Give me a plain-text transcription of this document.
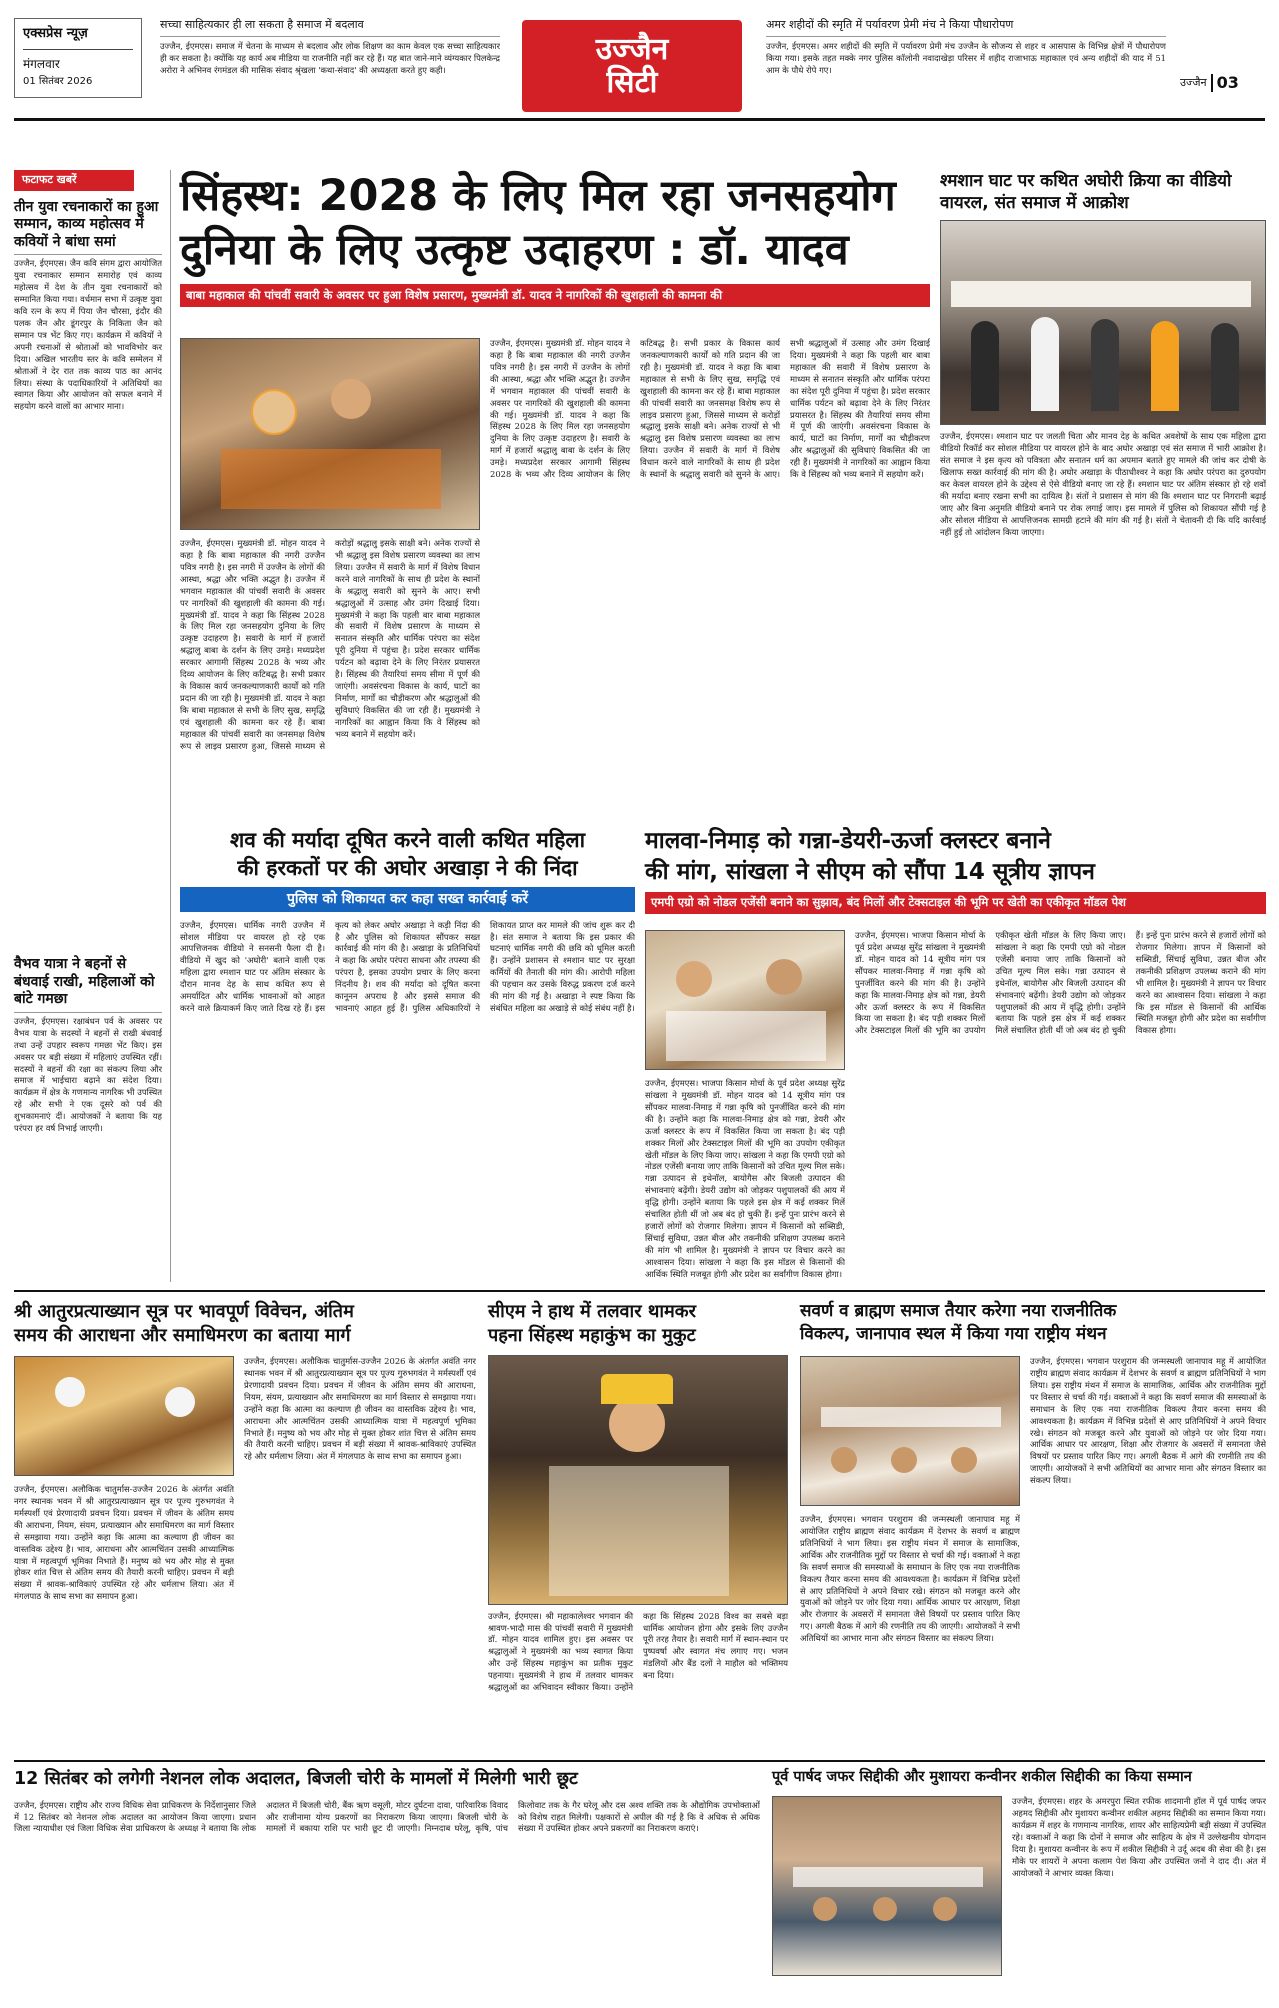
एक्सप्रेस न्यूज़
मंगलवार
01 सितंबर 2026
सच्चा साहित्यकार ही ला सकता है समाज में बदलाव
उज्जैन, ईएमएस। समाज में चेतना के माध्यम से बदलाव और लोक शिक्षण का काम केवल एक सच्चा साहित्यकार ही कर सकता है। क्योंकि यह कार्य अब मीडिया या राजनीति नहीं कर रहे हैं। यह बात जाने-माने व्यंग्यकार पिलकेन्द्र अरोरा ने अभिनव रंगमंडल की मासिक संवाद श्रृंखला 'कथा-संवाद' की अध्यक्षता करते हुए कही।
उज्जैन
सिटी
अमर शहीदों की स्मृति में पर्यावरण प्रेमी मंच ने किया पौधारोपण
उज्जैन, ईएमएस। अमर शहीदों की स्मृति में पर्यावरण प्रेमी मंच उज्जैन के सौजन्य से शहर व आसपास के विभिन्न क्षेत्रों में पौधारोपण किया गया। इसके तहत मक्के नगर पुलिस कॉलोनी नवादाखेड़ा परिसर में शहीद राजाभाऊ महाकाल एवं अन्य शहीदों की याद में 51 आम के पौधे रोपे गए।
उज्जैन 03
फटाफट खबरें
तीन युवा रचनाकारों का हुआ सम्मान, काव्य महोत्सव में कवियों ने बांधा समां
उज्जैन, ईएमएस। जैन कवि संगम द्वारा आयोजित युवा रचनाकार सम्मान समारोह एवं काव्य महोत्सव में देश के तीन युवा रचनाकारों को सम्मानित किया गया। वर्धमान सभा में उत्कृष्ट युवा कवि रत्न के रूप में पिया जैन चौरसा, इंदौर की पलक जैन और डूंगरपुर के निकिता जैन को सम्मान पत्र भेंट किए गए। कार्यक्रम में कवियों ने अपनी रचनाओं से श्रोताओं को भावविभोर कर दिया। अखिल भारतीय स्तर के कवि सम्मेलन में श्रोताओं ने देर रात तक काव्य पाठ का आनंद लिया। संस्था के पदाधिकारियों ने अतिथियों का स्वागत किया और आयोजन को सफल बनाने में सहयोग करने वालों का आभार माना।
वैभव यात्रा ने बहनों से बंधवाई राखी, महिलाओं को बांटे गमछा
उज्जैन, ईएमएस। रक्षाबंधन पर्व के अवसर पर वैभव यात्रा के सदस्यों ने बहनों से राखी बंधवाई तथा उन्हें उपहार स्वरूप गमछा भेंट किए। इस अवसर पर बड़ी संख्या में महिलाएं उपस्थित रहीं। सदस्यों ने बहनों की रक्षा का संकल्प लिया और समाज में भाईचारा बढ़ाने का संदेश दिया। कार्यक्रम में क्षेत्र के गणमान्य नागरिक भी उपस्थित रहे और सभी ने एक दूसरे को पर्व की शुभकामनाएं दीं। आयोजकों ने बताया कि यह परंपरा हर वर्ष निभाई जाएगी।
सिंहस्थ: 2028 के लिए मिल रहा जनसहयोग
दुनिया के लिए उत्कृष्ट उदाहरण : डॉ. यादव
बाबा महाकाल की पांचवीं सवारी के अवसर पर हुआ विशेष प्रसारण, मुख्यमंत्री डॉ. यादव ने नागरिकों की खुशहाली की कामना की
उज्जैन, ईएमएस। मुख्यमंत्री डॉ. मोहन यादव ने कहा है कि बाबा महाकाल की नगरी उज्जैन पवित्र नगरी है। इस नगरी में उज्जैन के लोगों की आस्था, श्रद्धा और भक्ति अद्भुत है। उज्जैन में भगवान महाकाल की पांचवीं सवारी के अवसर पर नागरिकों की खुशहाली की कामना की गई। मुख्यमंत्री डॉ. यादव ने कहा कि सिंहस्थ 2028 के लिए मिल रहा जनसहयोग दुनिया के लिए उत्कृष्ट उदाहरण है। सवारी के मार्ग में हजारों श्रद्धालु बाबा के दर्शन के लिए उमड़े। मध्यप्रदेश सरकार आगामी सिंहस्थ 2028 के भव्य और दिव्य आयोजन के लिए कटिबद्ध है। सभी प्रकार के विकास कार्य जनकल्याणकारी कार्यों को गति प्रदान की जा रही है। मुख्यमंत्री डॉ. यादव ने कहा कि बाबा महाकाल से सभी के लिए सुख, समृद्धि एवं खुशहाली की कामना कर रहे हैं। बाबा महाकाल की पांचवीं सवारी का जनसमक्ष विशेष रूप से लाइव प्रसारण हुआ, जिससे माध्यम से करोड़ों श्रद्धालु इसके साक्षी बने। अनेक राज्यों से भी श्रद्धालु इस विशेष प्रसारण व्यवस्था का लाभ लिया। उज्जैन में सवारी के मार्ग में विशेष विधान करने वाले नागरिकों के साथ ही प्रदेश के स्थानों के श्रद्धालु सवारी को सुनने के आए। सभी श्रद्धालुओं में उत्साह और उमंग दिखाई दिया। मुख्यमंत्री ने कहा कि पहली बार बाबा महाकाल की सवारी में विशेष प्रसारण के माध्यम से सनातन संस्कृति और धार्मिक परंपरा का संदेश पूरी दुनिया में पहुंचा है। प्रदेश सरकार धार्मिक पर्यटन को बढ़ावा देने के लिए निरंतर प्रयासरत है। सिंहस्थ की तैयारियां समय सीमा में पूर्ण की जाएंगी। अवसंरचना विकास के कार्य, घाटों का निर्माण, मार्गों का चौड़ीकरण और श्रद्धालुओं की सुविधाएं विकसित की जा रही हैं। मुख्यमंत्री ने नागरिकों का आह्वान किया कि वे सिंहस्थ को भव्य बनाने में सहयोग करें।
उज्जैन, ईएमएस। मुख्यमंत्री डॉ. मोहन यादव ने कहा है कि बाबा महाकाल की नगरी उज्जैन पवित्र नगरी है। इस नगरी में उज्जैन के लोगों की आस्था, श्रद्धा और भक्ति अद्भुत है। उज्जैन में भगवान महाकाल की पांचवीं सवारी के अवसर पर नागरिकों की खुशहाली की कामना की गई। मुख्यमंत्री डॉ. यादव ने कहा कि सिंहस्थ 2028 के लिए मिल रहा जनसहयोग दुनिया के लिए उत्कृष्ट उदाहरण है। सवारी के मार्ग में हजारों श्रद्धालु बाबा के दर्शन के लिए उमड़े। मध्यप्रदेश सरकार आगामी सिंहस्थ 2028 के भव्य और दिव्य आयोजन के लिए कटिबद्ध है। सभी प्रकार के विकास कार्य जनकल्याणकारी कार्यों को गति प्रदान की जा रही है। मुख्यमंत्री डॉ. यादव ने कहा कि बाबा महाकाल से सभी के लिए सुख, समृद्धि एवं खुशहाली की कामना कर रहे हैं। बाबा महाकाल की पांचवीं सवारी का जनसमक्ष विशेष रूप से लाइव प्रसारण हुआ, जिससे माध्यम से करोड़ों श्रद्धालु इसके साक्षी बने। अनेक राज्यों से भी श्रद्धालु इस विशेष प्रसारण व्यवस्था का लाभ लिया। उज्जैन में सवारी के मार्ग में विशेष विधान करने वाले नागरिकों के साथ ही प्रदेश के स्थानों के श्रद्धालु सवारी को सुनने के आए। सभी श्रद्धालुओं में उत्साह और उमंग दिखाई दिया। मुख्यमंत्री ने कहा कि पहली बार बाबा महाकाल की सवारी में विशेष प्रसारण के माध्यम से सनातन संस्कृति और धार्मिक परंपरा का संदेश पूरी दुनिया में पहुंचा है। प्रदेश सरकार धार्मिक पर्यटन को बढ़ावा देने के लिए निरंतर प्रयासरत है। सिंहस्थ की तैयारियां समय सीमा में पूर्ण की जाएंगी। अवसंरचना विकास के कार्य, घाटों का निर्माण, मार्गों का चौड़ीकरण और श्रद्धालुओं की सुविधाएं विकसित की जा रही हैं। मुख्यमंत्री ने नागरिकों का आह्वान किया कि वे सिंहस्थ को भव्य बनाने में सहयोग करें।
श्मशान घाट पर कथित अघोरी क्रिया का वीडियो वायरल, संत समाज में आक्रोश
उज्जैन, ईएमएस। श्मशान घाट पर जलती चिता और मानव देह के कथित अवशेषों के साथ एक महिला द्वारा वीडियो रिकॉर्ड कर सोशल मीडिया पर वायरल होने के बाद अघोर अखाड़ा एवं संत समाज में भारी आक्रोश है। संत समाज ने इस कृत्य को पवित्रता और सनातन धर्म का अपमान बताते हुए मामले की जांच कर दोषी के खिलाफ सख्त कार्रवाई की मांग की है। अघोर अखाड़ा के पीठाधीश्वर ने कहा कि अघोर परंपरा का दुरुपयोग कर केवल वायरल होने के उद्देश्य से ऐसे वीडियो बनाए जा रहे हैं। श्मशान घाट पर अंतिम संस्कार हो रहे शवों की मर्यादा बनाए रखना सभी का दायित्व है। संतों ने प्रशासन से मांग की कि श्मशान घाट पर निगरानी बढ़ाई जाए और बिना अनुमति वीडियो बनाने पर रोक लगाई जाए। इस मामले में पुलिस को शिकायत सौंपी गई है और सोशल मीडिया से आपत्तिजनक सामग्री हटाने की मांग की गई है। संतों ने चेतावनी दी कि यदि कार्रवाई नहीं हुई तो आंदोलन किया जाएगा।
शव की मर्यादा दूषित करने वाली कथित महिला
की हरकतों पर की अघोर अखाड़ा ने की निंदा
पुलिस को शिकायत कर कहा सख्त कार्रवाई करें
उज्जैन, ईएमएस। धार्मिक नगरी उज्जैन में सोशल मीडिया पर वायरल हो रहे एक आपत्तिजनक वीडियो ने सनसनी फैला दी है। वीडियो में खुद को 'अघोरी' बताने वाली एक महिला द्वारा श्मशान घाट पर अंतिम संस्कार के दौरान मानव देह के साथ कथित रूप से अमर्यादित और धार्मिक भावनाओं को आहत करने वाले क्रियाकर्म किए जाते दिख रहे हैं। इस कृत्य को लेकर अघोर अखाड़ा ने कड़ी निंदा की है और पुलिस को शिकायत सौंपकर सख्त कार्रवाई की मांग की है। अखाड़ा के प्रतिनिधियों ने कहा कि अघोर परंपरा साधना और तपस्या की परंपरा है, इसका उपयोग प्रचार के लिए करना निंदनीय है। शव की मर्यादा को दूषित करना कानूनन अपराध है और इससे समाज की भावनाएं आहत हुई हैं। पुलिस अधिकारियों ने शिकायत प्राप्त कर मामले की जांच शुरू कर दी है। संत समाज ने बताया कि इस प्रकार की घटनाएं धार्मिक नगरी की छवि को धूमिल करती हैं। उन्होंने प्रशासन से श्मशान घाट पर सुरक्षा कर्मियों की तैनाती की मांग की। आरोपी महिला की पहचान कर उसके विरुद्ध प्रकरण दर्ज करने की मांग की गई है। अखाड़ा ने स्पष्ट किया कि संबंधित महिला का अखाड़े से कोई संबंध नहीं है।
मालवा-निमाड़ को गन्ना-डेयरी-ऊर्जा क्लस्टर बनाने
की मांग, सांखला ने सीएम को सौंपा 14 सूत्रीय ज्ञापन
एमपी एग्रो को नोडल एजेंसी बनाने का सुझाव, बंद मिलों और टेक्सटाइल की भूमि पर खेती का एकीकृत मॉडल पेश
उज्जैन, ईएमएस। भाजपा किसान मोर्चा के पूर्व प्रदेश अध्यक्ष सुरेंद्र सांखला ने मुख्यमंत्री डॉ. मोहन यादव को 14 सूत्रीय मांग पत्र सौंपकर मालवा-निमाड़ में गन्ना कृषि को पुनर्जीवित करने की मांग की है। उन्होंने कहा कि मालवा-निमाड़ क्षेत्र को गन्ना, डेयरी और ऊर्जा क्लस्टर के रूप में विकसित किया जा सकता है। बंद पड़ी शक्कर मिलों और टेक्सटाइल मिलों की भूमि का उपयोग एकीकृत खेती मॉडल के लिए किया जाए। सांखला ने कहा कि एमपी एग्रो को नोडल एजेंसी बनाया जाए ताकि किसानों को उचित मूल्य मिल सके। गन्ना उत्पादन से इथेनॉल, बायोगैस और बिजली उत्पादन की संभावनाएं बढ़ेंगी। डेयरी उद्योग को जोड़कर पशुपालकों की आय में वृद्धि होगी। उन्होंने बताया कि पहले इस क्षेत्र में कई शक्कर मिलें संचालित होती थीं जो अब बंद हो चुकी हैं। इन्हें पुनः प्रारंभ करने से हजारों लोगों को रोजगार मिलेगा। ज्ञापन में किसानों को सब्सिडी, सिंचाई सुविधा, उन्नत बीज और तकनीकी प्रशिक्षण उपलब्ध कराने की मांग भी शामिल है। मुख्यमंत्री ने ज्ञापन पर विचार करने का आश्वासन दिया। सांखला ने कहा कि इस मॉडल से किसानों की आर्थिक स्थिति मजबूत होगी और प्रदेश का सर्वांगीण विकास होगा।
उज्जैन, ईएमएस। भाजपा किसान मोर्चा के पूर्व प्रदेश अध्यक्ष सुरेंद्र सांखला ने मुख्यमंत्री डॉ. मोहन यादव को 14 सूत्रीय मांग पत्र सौंपकर मालवा-निमाड़ में गन्ना कृषि को पुनर्जीवित करने की मांग की है। उन्होंने कहा कि मालवा-निमाड़ क्षेत्र को गन्ना, डेयरी और ऊर्जा क्लस्टर के रूप में विकसित किया जा सकता है। बंद पड़ी शक्कर मिलों और टेक्सटाइल मिलों की भूमि का उपयोग एकीकृत खेती मॉडल के लिए किया जाए। सांखला ने कहा कि एमपी एग्रो को नोडल एजेंसी बनाया जाए ताकि किसानों को उचित मूल्य मिल सके। गन्ना उत्पादन से इथेनॉल, बायोगैस और बिजली उत्पादन की संभावनाएं बढ़ेंगी। डेयरी उद्योग को जोड़कर पशुपालकों की आय में वृद्धि होगी। उन्होंने बताया कि पहले इस क्षेत्र में कई शक्कर मिलें संचालित होती थीं जो अब बंद हो चुकी हैं। इन्हें पुनः प्रारंभ करने से हजारों लोगों को रोजगार मिलेगा। ज्ञापन में किसानों को सब्सिडी, सिंचाई सुविधा, उन्नत बीज और तकनीकी प्रशिक्षण उपलब्ध कराने की मांग भी शामिल है। मुख्यमंत्री ने ज्ञापन पर विचार करने का आश्वासन दिया। सांखला ने कहा कि इस मॉडल से किसानों की आर्थिक स्थिति मजबूत होगी और प्रदेश का सर्वांगीण विकास होगा।
श्री आतुरप्रत्याख्यान सूत्र पर भावपूर्ण विवेचन, अंतिम
समय की आराधना और समाधिमरण का बताया मार्ग
उज्जैन, ईएमएस। अलौकिक चातुर्मास-उज्जैन 2026 के अंतर्गत अवंति नगर स्थानक भवन में श्री आतुरप्रत्याख्यान सूत्र पर पूज्य गुरुभगवंत ने मर्मस्पर्शी एवं प्रेरणादायी प्रवचन दिया। प्रवचन में जीवन के अंतिम समय की आराधना, नियम, संयम, प्रत्याख्यान और समाधिमरण का मार्ग विस्तार से समझाया गया। उन्होंने कहा कि आत्मा का कल्याण ही जीवन का वास्तविक उद्देश्य है। भाव, आराधना और आत्मचिंतन उसकी आध्यात्मिक यात्रा में महत्वपूर्ण भूमिका निभाते हैं। मनुष्य को भय और मोह से मुक्त होकर शांत चित्त से अंतिम समय की तैयारी करनी चाहिए। प्रवचन में बड़ी संख्या में श्रावक-श्राविकाएं उपस्थित रहे और धर्मलाभ लिया। अंत में मंगलपाठ के साथ सभा का समापन हुआ।
उज्जैन, ईएमएस। अलौकिक चातुर्मास-उज्जैन 2026 के अंतर्गत अवंति नगर स्थानक भवन में श्री आतुरप्रत्याख्यान सूत्र पर पूज्य गुरुभगवंत ने मर्मस्पर्शी एवं प्रेरणादायी प्रवचन दिया। प्रवचन में जीवन के अंतिम समय की आराधना, नियम, संयम, प्रत्याख्यान और समाधिमरण का मार्ग विस्तार से समझाया गया। उन्होंने कहा कि आत्मा का कल्याण ही जीवन का वास्तविक उद्देश्य है। भाव, आराधना और आत्मचिंतन उसकी आध्यात्मिक यात्रा में महत्वपूर्ण भूमिका निभाते हैं। मनुष्य को भय और मोह से मुक्त होकर शांत चित्त से अंतिम समय की तैयारी करनी चाहिए। प्रवचन में बड़ी संख्या में श्रावक-श्राविकाएं उपस्थित रहे और धर्मलाभ लिया। अंत में मंगलपाठ के साथ सभा का समापन हुआ।
सीएम ने हाथ में तलवार थामकर
पहना सिंहस्थ महाकुंभ का मुकुट
उज्जैन, ईएमएस। श्री महाकालेश्वर भगवान की श्रावण-भादौ मास की पांचवीं सवारी में मुख्यमंत्री डॉ. मोहन यादव शामिल हुए। इस अवसर पर श्रद्धालुओं ने मुख्यमंत्री का भव्य स्वागत किया और उन्हें सिंहस्थ महाकुंभ का प्रतीक मुकुट पहनाया। मुख्यमंत्री ने हाथ में तलवार थामकर श्रद्धालुओं का अभिवादन स्वीकार किया। उन्होंने कहा कि सिंहस्थ 2028 विश्व का सबसे बड़ा धार्मिक आयोजन होगा और इसके लिए उज्जैन पूरी तरह तैयार है। सवारी मार्ग में स्थान-स्थान पर पुष्पवर्षा और स्वागत मंच लगाए गए। भजन मंडलियों और बैंड दलों ने माहौल को भक्तिमय बना दिया।
सवर्ण व ब्राह्मण समाज तैयार करेगा नया राजनीतिक
विकल्प, जानापाव स्थल में किया गया राष्ट्रीय मंथन
उज्जैन, ईएमएस। भगवान परशुराम की जन्मस्थली जानापाव महू में आयोजित राष्ट्रीय ब्राह्मण संवाद कार्यक्रम में देशभर के सवर्ण व ब्राह्मण प्रतिनिधियों ने भाग लिया। इस राष्ट्रीय मंथन में समाज के सामाजिक, आर्थिक और राजनीतिक मुद्दों पर विस्तार से चर्चा की गई। वक्ताओं ने कहा कि सवर्ण समाज की समस्याओं के समाधान के लिए एक नया राजनीतिक विकल्प तैयार करना समय की आवश्यकता है। कार्यक्रम में विभिन्न प्रदेशों से आए प्रतिनिधियों ने अपने विचार रखे। संगठन को मजबूत करने और युवाओं को जोड़ने पर जोर दिया गया। आर्थिक आधार पर आरक्षण, शिक्षा और रोजगार के अवसरों में समानता जैसे विषयों पर प्रस्ताव पारित किए गए। अगली बैठक में आगे की रणनीति तय की जाएगी। आयोजकों ने सभी अतिथियों का आभार माना और संगठन विस्तार का संकल्प लिया।
उज्जैन, ईएमएस। भगवान परशुराम की जन्मस्थली जानापाव महू में आयोजित राष्ट्रीय ब्राह्मण संवाद कार्यक्रम में देशभर के सवर्ण व ब्राह्मण प्रतिनिधियों ने भाग लिया। इस राष्ट्रीय मंथन में समाज के सामाजिक, आर्थिक और राजनीतिक मुद्दों पर विस्तार से चर्चा की गई। वक्ताओं ने कहा कि सवर्ण समाज की समस्याओं के समाधान के लिए एक नया राजनीतिक विकल्प तैयार करना समय की आवश्यकता है। कार्यक्रम में विभिन्न प्रदेशों से आए प्रतिनिधियों ने अपने विचार रखे। संगठन को मजबूत करने और युवाओं को जोड़ने पर जोर दिया गया। आर्थिक आधार पर आरक्षण, शिक्षा और रोजगार के अवसरों में समानता जैसे विषयों पर प्रस्ताव पारित किए गए। अगली बैठक में आगे की रणनीति तय की जाएगी। आयोजकों ने सभी अतिथियों का आभार माना और संगठन विस्तार का संकल्प लिया।
12 सितंबर को लगेगी नेशनल लोक अदालत, बिजली चोरी के मामलों में मिलेगी भारी छूट
उज्जैन, ईएमएस। राष्ट्रीय और राज्य विधिक सेवा प्राधिकरण के निर्देशानुसार जिले में 12 सितंबर को नेशनल लोक अदालत का आयोजन किया जाएगा। प्रधान जिला न्यायाधीश एवं जिला विधिक सेवा प्राधिकरण के अध्यक्ष ने बताया कि लोक अदालत में बिजली चोरी, बैंक ऋण वसूली, मोटर दुर्घटना दावा, पारिवारिक विवाद और राजीनामा योग्य प्रकरणों का निराकरण किया जाएगा। बिजली चोरी के मामलों में बकाया राशि पर भारी छूट दी जाएगी। निम्नदाब घरेलू, कृषि, पांच किलोवाट तक के गैर घरेलू और दस अश्व शक्ति तक के औद्योगिक उपभोक्ताओं को विशेष राहत मिलेगी। पक्षकारों से अपील की गई है कि वे अधिक से अधिक संख्या में उपस्थित होकर अपने प्रकरणों का निराकरण कराएं।
पूर्व पार्षद जफर सिद्दीकी और मुशायरा कन्वीनर शकील सिद्दीकी का किया सम्मान
उज्जैन, ईएमएस। शहर के अमरपुरा स्थित रफीक शादमानी हॉल में पूर्व पार्षद जफर अहमद सिद्दीकी और मुशायरा कन्वीनर शकील अहमद सिद्दीकी का सम्मान किया गया। कार्यक्रम में शहर के गणमान्य नागरिक, शायर और साहित्यप्रेमी बड़ी संख्या में उपस्थित रहे। वक्ताओं ने कहा कि दोनों ने समाज और साहित्य के क्षेत्र में उल्लेखनीय योगदान दिया है। मुशायरा कन्वीनर के रूप में शकील सिद्दीकी ने उर्दू अदब की सेवा की है। इस मौके पर शायरों ने अपना कलाम पेश किया और उपस्थित जनों ने दाद दी। अंत में आयोजकों ने आभार व्यक्त किया।
